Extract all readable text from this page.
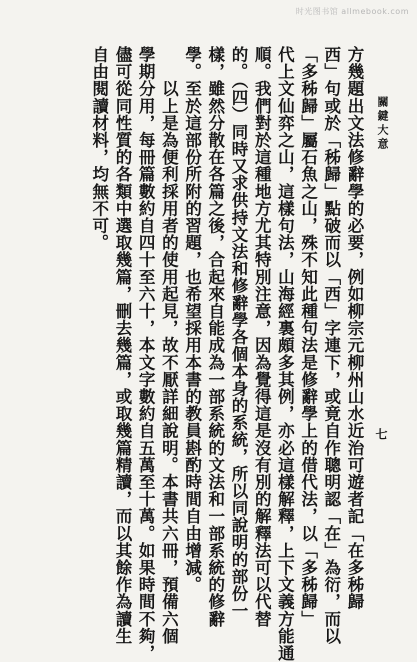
时光图书馆 allmebook.com
方幾題出文法修辭學的必要，例如柳宗元柳州山水近治可遊者記「在多秭歸
西」句或於「秭歸」點破而以「西」字連下，或竟自作聰明認「在」為衍，而以
「多秭歸」屬石魚之山，殊不知此種句法是修辭學上的借代法，以「多秭歸」
代上文仙弈之山，這樣句法，山海經裏頗多其例，亦必這樣解釋，上下文義方能通
順。我們對於這種地方尤其特別注意，因為覺得這是沒有別的解釋法可以代替
的。（四）同時又求供持文法和修辭學各個本身的系統，所以同說明的部份一
樣，雖然分散在各篇之後，合起來自能成為一部系統的文法和一部系統的修辭
學。至於這部份所附的習題，也希望採用本書的教員斟酌時間自由增減。
　　以上是為便利採用者的使用起見，故不厭詳細說明。本書共六冊，預備六個
學期分用，每冊篇數約自四十至六十，本文字數約自五萬至十萬。如果時間不夠，
儘可從同性質的各類中選取幾篇，刪去幾篇，或取幾篇精讀，而以其餘作為讀生
自由閱讀材料，均無不可。	關鍵大意
七
